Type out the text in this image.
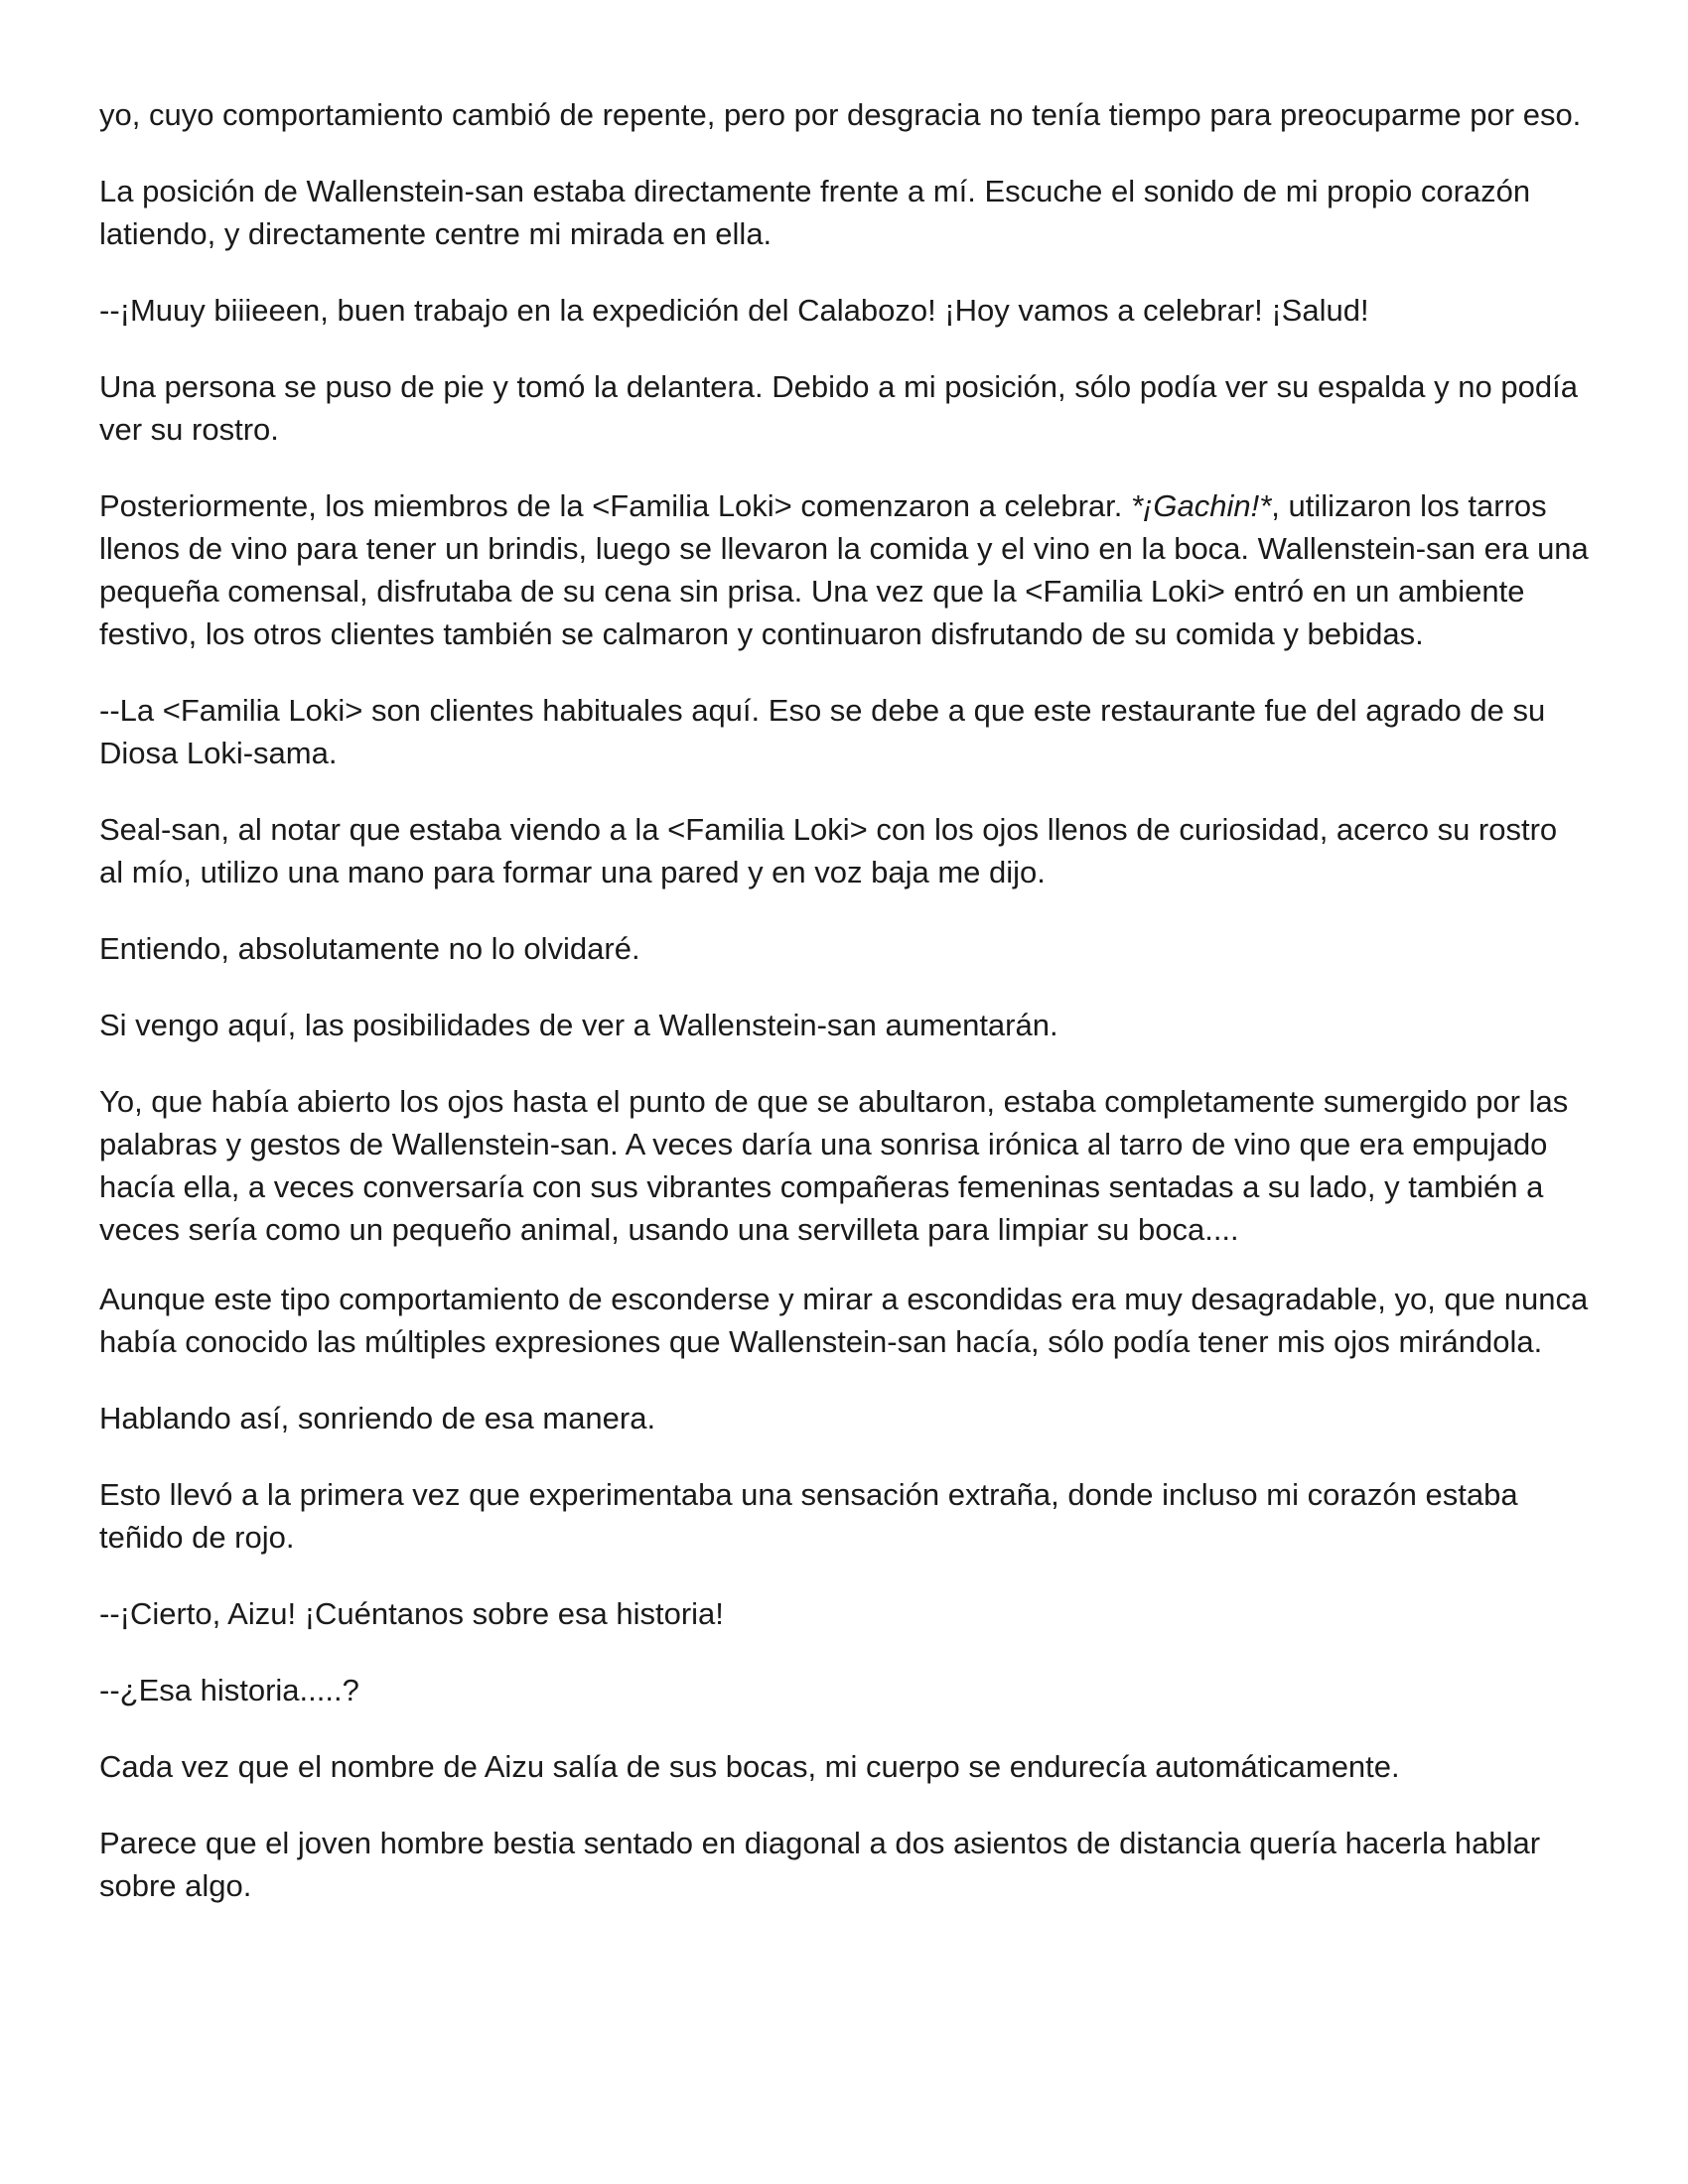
yo, cuyo comportamiento cambió de repente, pero por desgracia no tenía tiempo para preocuparme por eso.

La posición de Wallenstein-san estaba directamente frente a mí. Escuche el sonido de mi propio corazón latiendo, y directamente centre mi mirada en ella.

--¡Muuy biiieeen, buen trabajo en la expedición del Calabozo! ¡Hoy vamos a celebrar! ¡Salud!

Una persona se puso de pie y tomó la delantera. Debido a mi posición, sólo podía ver su espalda y no podía ver su rostro.

Posteriormente, los miembros de la <Familia Loki> comenzaron a celebrar. *¡Gachin!*, utilizaron los tarros llenos de vino para tener un brindis, luego se llevaron la comida y el vino en la boca. Wallenstein-san era una pequeña comensal, disfrutaba de su cena sin prisa. Una vez que la <Familia Loki> entró en un ambiente festivo, los otros clientes también se calmaron y continuaron disfrutando de su comida y bebidas.

--La <Familia Loki> son clientes habituales aquí. Eso se debe a que este restaurante fue del agrado de su Diosa Loki-sama.

Seal-san, al notar que estaba viendo a la <Familia Loki> con los ojos llenos de curiosidad, acerco su rostro al mío, utilizo una mano para formar una pared y en voz baja me dijo.

Entiendo, absolutamente no lo olvidaré.

Si vengo aquí, las posibilidades de ver a Wallenstein-san aumentarán.

Yo, que había abierto los ojos hasta el punto de que se abultaron, estaba completamente sumergido por las palabras y gestos de Wallenstein-san. A veces daría una sonrisa irónica al tarro de vino que era empujado hacía ella, a veces conversaría con sus vibrantes compañeras femeninas sentadas a su lado, y también a veces sería como un pequeño animal, usando una servilleta para limpiar su boca....

Aunque este tipo comportamiento de esconderse y mirar a escondidas era muy desagradable, yo, que nunca había conocido las múltiples expresiones que Wallenstein-san hacía, sólo podía tener mis ojos mirándola.

Hablando así, sonriendo de esa manera.

Esto llevó a la primera vez que experimentaba una sensación extraña, donde incluso mi corazón estaba teñido de rojo.

--¡Cierto, Aizu! ¡Cuéntanos sobre esa historia!

--¿Esa historia.....?

Cada vez que el nombre de Aizu salía de sus bocas, mi cuerpo se endurecía automáticamente.

Parece que el joven hombre bestia sentado en diagonal a dos asientos de distancia quería hacerla hablar sobre algo.
